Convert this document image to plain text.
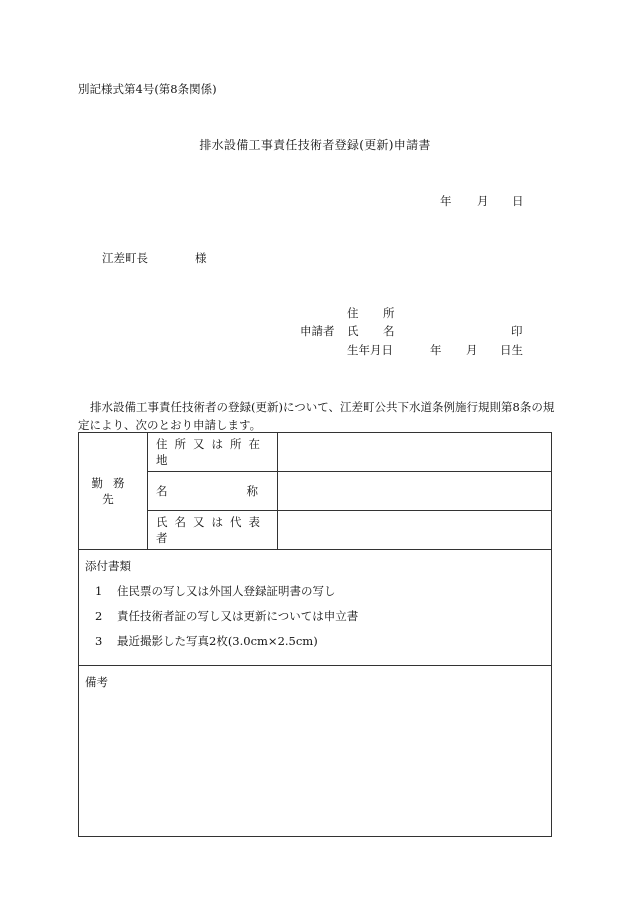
別記様式第4号(第8条関係)
排水設備工事責任技術者登録(更新)申請書
年 月 日
江差町長	様
住 所
申請者 氏 名	印
生年月日	年 月 日生
排水設備工事責任技術者の登録(更新)について、江差町公共下水道条例施行規則第8条の規定により、次のとおり申請します。
勤務先	住所又は所在地	

	名 称	

	氏名又は代表者	

添付書類
1 住民票の写し又は外国人登録証明書の写し
2 責任技術者証の写し又は更新については申立書
3 最近撮影した写真2枚(3.0cm×2.5cm)		

備考		
